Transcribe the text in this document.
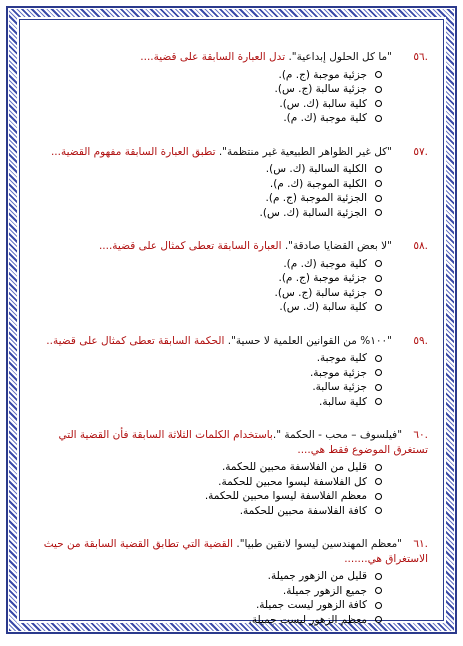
.٥٦
"ما كل الحلول إبداعية". تدل العبارة السابقة على قضية....
جزئية موجبة (ج. م).
جزئية سالبة (ج. س).
كلية سالبة (ك. س).
كلية موجبة (ك. م).
.٥٧
"كل غير الظواهر الطبيعية غير منتظمة". تطبق العبارة السابقة مفهوم القضية...
الكلية السالبة (ك. س).
الكلية الموجبة (ك. م).
الجزئية الموجبة (ج. م).
الجزئية السالبة (ك. س).
.٥٨
"لا بعض القضايا صادقة". العبارة السابقة تعطى كمثال على قضية....
كلية موجبة (ك. م).
جزئية موجبة (ج. م).
جزئية سالبة (ج. س).
كلية سالبة (ك. س).
.٥٩
"١٠٠% من القوانين العلمية لا حسية". الحكمة السابقة تعطى كمثال على قضية..
كلية موجبة.
جزئية موجبة.
جزئية سالبة.
كلية سالبة.
.٦٠ "فيلسوف – محب - الحكمة ".باستخدام الكلمات الثلاثة السابقة فأن القضية التي تستغرق الموضوع فقط هي....
قليل من الفلاسفة محبين للحكمة.
كل الفلاسفة ليسوا محبين للحكمة.
معظم الفلاسفة ليسوا محبين للحكمة.
كافة الفلاسفة محبين للحكمة.
.٦١ "معظم المهندسين ليسوا لانقين طبيا". القضية التي تطابق القضية السابقة من حيث الاستغراق هي.......
قليل من الزهور جميلة.
جميع الزهور جميلة.
كافة الزهور ليست جميلة.
معظم الزهور ليست جميلة.
